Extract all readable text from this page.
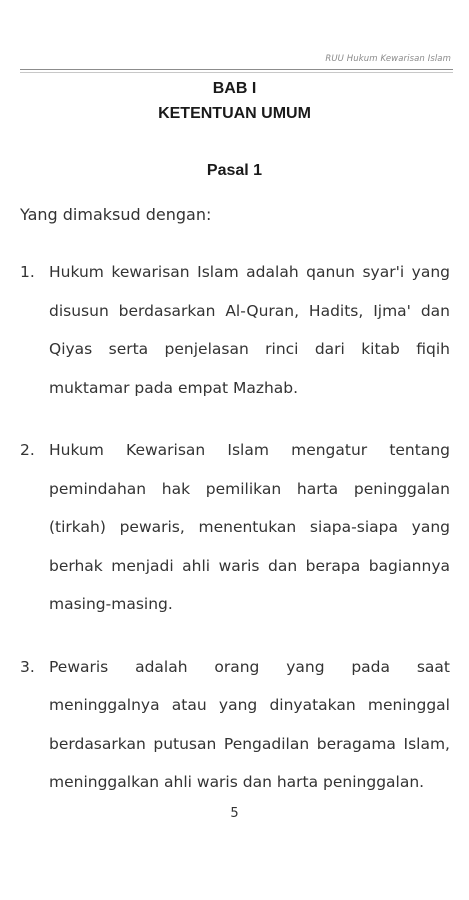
RUU Hukum Kewarisan Islam
BAB I
KETENTUAN UMUM
Pasal 1
Yang dimaksud dengan:
1. Hukum kewarisan Islam adalah qanun syar'i yang disusun berdasarkan Al-Quran, Hadits, Ijma' dan Qiyas serta penjelasan rinci dari kitab fiqih muktamar pada empat Mazhab.
2. Hukum Kewarisan Islam mengatur tentang pemindahan hak pemilikan harta peninggalan (tirkah) pewaris, menentukan siapa-siapa yang berhak menjadi ahli waris dan berapa bagiannya masing-masing.
3. Pewaris adalah orang yang pada saat meninggalnya atau yang dinyatakan meninggal berdasarkan putusan Pengadilan beragama Islam, meninggalkan ahli waris dan harta peninggalan.
5
